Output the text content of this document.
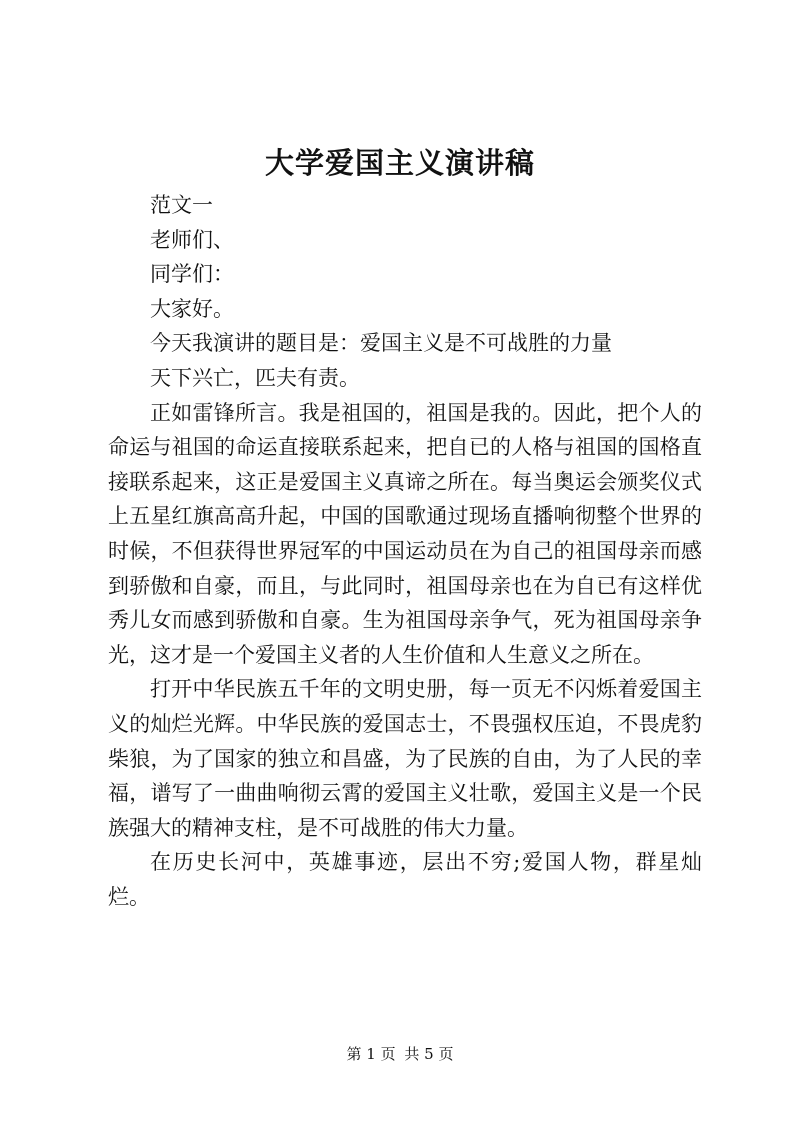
大学爱国主义演讲稿

范文一

老师们、

同学们：

大家好。

今天我演讲的题目是：爱国主义是不可战胜的力量

天下兴亡，匹夫有责。

正如雷锋所言。我是祖国的，祖国是我的。因此，把个人的命运与祖国的命运直接联系起来，把自已的人格与祖国的国格直接联系起来，这正是爱国主义真谛之所在。每当奥运会颁奖仪式上五星红旗高高升起，中国的国歌通过现场直播响彻整个世界的时候，不但获得世界冠军的中国运动员在为自己的祖国母亲而感到骄傲和自豪，而且，与此同时，祖国母亲也在为自已有这样优秀儿女而感到骄傲和自豪。生为祖国母亲争气，死为祖国母亲争光，这才是一个爱国主义者的人生价值和人生意义之所在。

打开中华民族五千年的文明史册，每一页无不闪烁着爱国主义的灿烂光辉。中华民族的爱国志士，不畏强权压迫，不畏虎豹柴狼，为了国家的独立和昌盛，为了民族的自由，为了人民的幸福，谱写了一曲曲响彻云霄的爱国主义壮歌，爱国主义是一个民族强大的精神支柱，是不可战胜的伟大力量。

在历史长河中，英雄事迹，层出不穷;爱国人物，群星灿烂。

第 1 页 共 5 页
